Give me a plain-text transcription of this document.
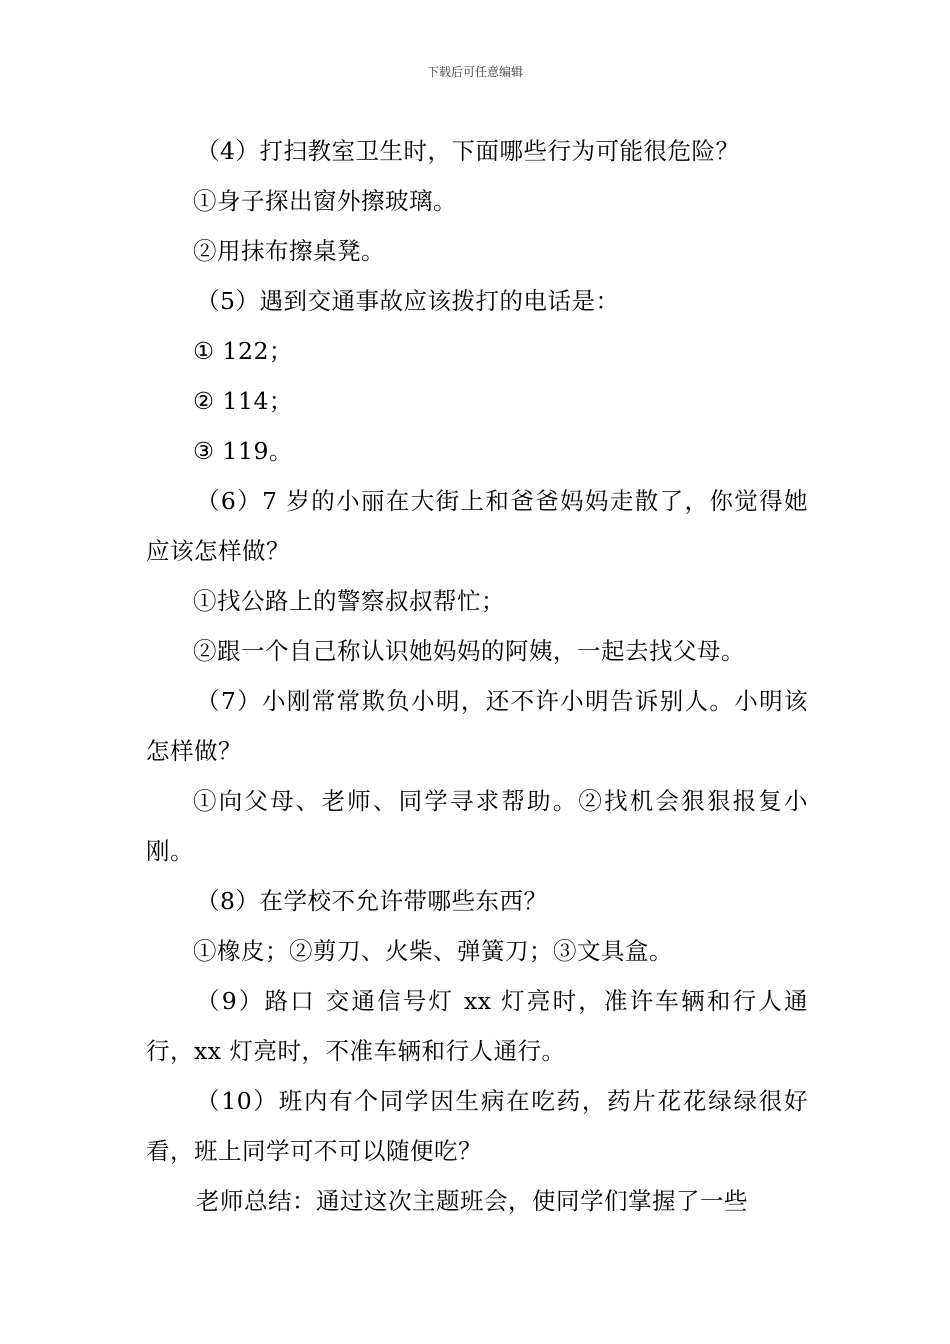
下载后可任意编辑

（4）打扫教室卫生时，下面哪些行为可能很危险？

①身子探出窗外擦玻璃。

②用抹布擦桌凳。

（5）遇到交通事故应该拨打的电话是：

① 122；

② 114；

③ 119。

（6）7 岁的小丽在大街上和爸爸妈妈走散了，你觉得她应该怎样做？

①找公路上的警察叔叔帮忙；

②跟一个自己称认识她妈妈的阿姨，一起去找父母。

（7）小刚常常欺负小明，还不许小明告诉别人。小明该怎样做？

①向父母、老师、同学寻求帮助。②找机会狠狠报复小刚。

（8）在学校不允许带哪些东西？

①橡皮；②剪刀、火柴、弹簧刀；③文具盒。

（9）路口 交通信号灯 xx 灯亮时，准许车辆和行人通行，xx 灯亮时，不准车辆和行人通行。

（10）班内有个同学因生病在吃药，药片花花绿绿很好看，班上同学可不可以随便吃？

老师总结：通过这次主题班会，使同学们掌握了一些
